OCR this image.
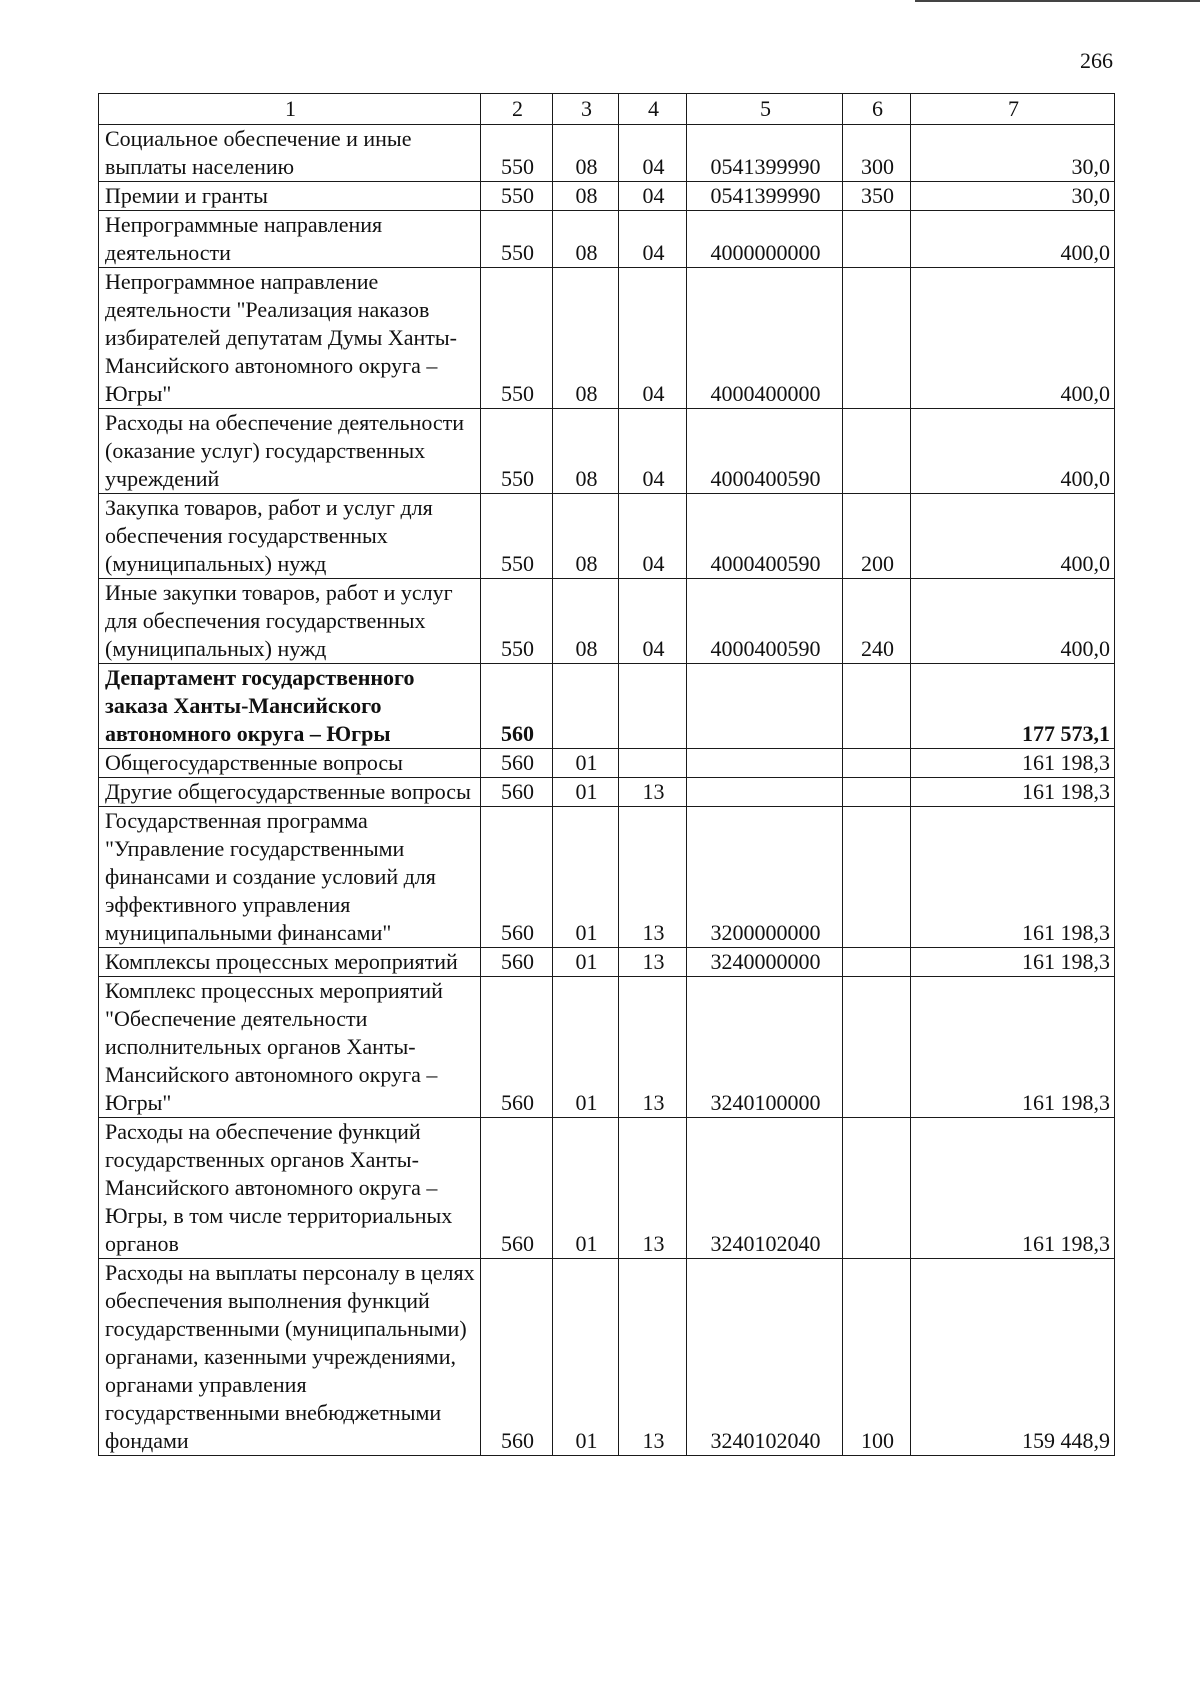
266
1	2	3	4	5	6	7
Социальное обеспечение и иные выплаты населению	550	08	04	0541399990	300	30,0
Премии и гранты	550	08	04	0541399990	350	30,0
Непрограммные направления деятельности	550	08	04	4000000000		400,0
Непрограммное направление деятельности "Реализация наказов избирателей депутатам Думы Ханты-Мансийского автономного округа – Югры"	550	08	04	4000400000		400,0
Расходы на обеспечение деятельности (оказание услуг) государственных учреждений	550	08	04	4000400590		400,0
Закупка товаров, работ и услуг для обеспечения государственных (муниципальных) нужд	550	08	04	4000400590	200	400,0
Иные закупки товаров, работ и услуг для обеспечения государственных (муниципальных) нужд	550	08	04	4000400590	240	400,0
Департамент государственного заказа Ханты-Мансийского автономного округа – Югры	560					177 573,1
Общегосударственные вопросы	560	01				161 198,3
Другие общегосударственные вопросы	560	01	13			161 198,3
Государственная программа "Управление государственными финансами и создание условий для эффективного управления муниципальными финансами"	560	01	13	3200000000		161 198,3
Комплексы процессных мероприятий	560	01	13	3240000000		161 198,3
Комплекс процессных мероприятий "Обеспечение деятельности исполнительных органов Ханты-Мансийского автономного округа – Югры"	560	01	13	3240100000		161 198,3
Расходы на обеспечение функций государственных органов Ханты-Мансийского автономного округа – Югры, в том числе территориальных органов	560	01	13	3240102040		161 198,3
Расходы на выплаты персоналу в целях обеспечения выполнения функций государственными (муниципальными) органами, казенными учреждениями, органами управления государственными внебюджетными фондами	560	01	13	3240102040	100	159 448,9
